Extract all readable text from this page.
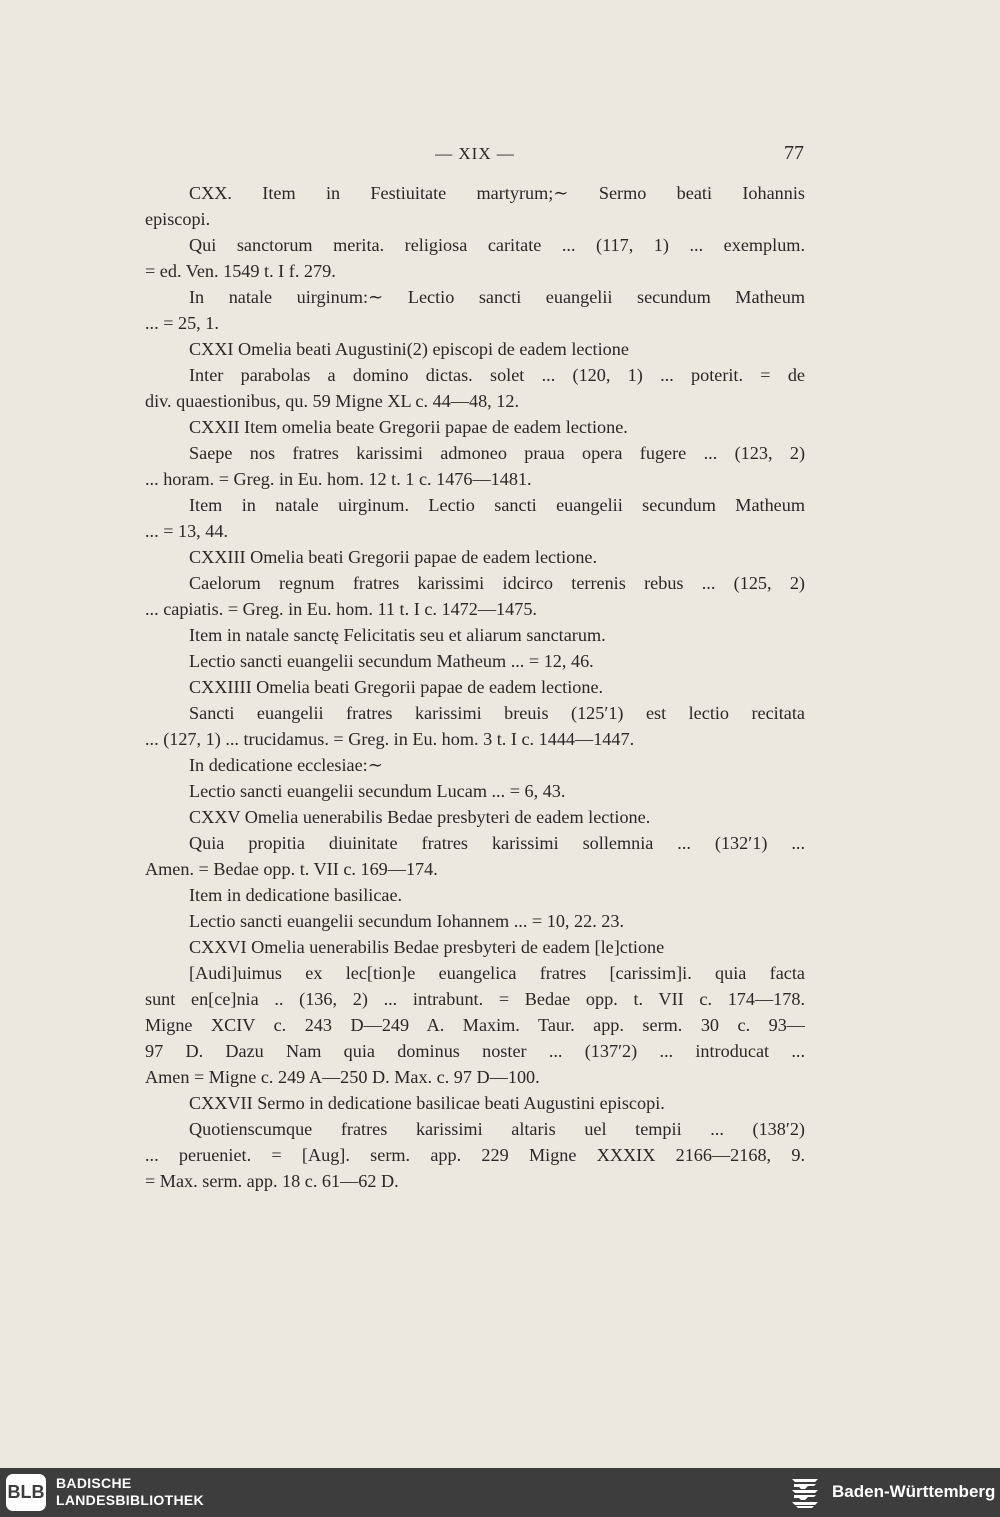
— XIX —	77
CXX. Item in Festiuitate martyrum;∼ Sermo beati Iohannis
episcopi.
Qui sanctorum merita. religiosa caritate ... (117, 1) ... exemplum.
= ed. Ven. 1549 t. I f. 279.
In natale uirginum:∼ Lectio sancti euangelii secundum Matheum
... = 25, 1.
CXXI Omelia beati Augustini(2) episcopi de eadem lectione
Inter parabolas a domino dictas. solet ... (120, 1) ... poterit. = de
div. quaestionibus, qu. 59 Migne XL c. 44—48, 12.
CXXII Item omelia beate Gregorii papae de eadem lectione.
Saepe nos fratres karissimi admoneo praua opera fugere ... (123, 2)
... horam. = Greg. in Eu. hom. 12 t. 1 c. 1476—1481.
Item in natale uirginum. Lectio sancti euangelii secundum Matheum
... = 13, 44.
CXXIII Omelia beati Gregorii papae de eadem lectione.
Caelorum regnum fratres karissimi idcirco terrenis rebus ... (125, 2)
... capiatis. = Greg. in Eu. hom. 11 t. I c. 1472—1475.
Item in natale sanctę Felicitatis seu et aliarum sanctarum.
Lectio sancti euangelii secundum Matheum ... = 12, 46.
CXXIIII Omelia beati Gregorii papae de eadem lectione.
Sancti euangelii fratres karissimi breuis (125′1) est lectio recitata
... (127, 1) ... trucidamus. = Greg. in Eu. hom. 3 t. I c. 1444—1447.
In dedicatione ecclesiae:∼
Lectio sancti euangelii secundum Lucam ... = 6, 43.
CXXV Omelia uenerabilis Bedae presbyteri de eadem lectione.
Quia propitia diuinitate fratres karissimi sollemnia ... (132′1) ...
Amen. = Bedae opp. t. VII c. 169—174.
Item in dedicatione basilicae.
Lectio sancti euangelii secundum Iohannem ... = 10, 22. 23.
CXXVI Omelia uenerabilis Bedae presbyteri de eadem [le]ctione
[Audi]uimus ex lec[tion]e euangelica fratres [carissim]i. quia facta
sunt en[ce]nia .. (136, 2) ... intrabunt. = Bedae opp. t. VII c. 174—178.
Migne XCIV c. 243 D—249 A. Maxim. Taur. app. serm. 30 c. 93—
97 D. Dazu Nam quia dominus noster ... (137′2) ... introducat ...
Amen = Migne c. 249 A—250 D. Max. c. 97 D—100.
CXXVII Sermo in dedicatione basilicae beati Augustini episcopi.
Quotienscumque fratres karissimi altaris uel tempii ... (138′2)
... perueniet. = [Aug]. serm. app. 229 Migne XXXIX 2166—2168, 9.
= Max. serm. app. 18 c. 61—62 D.
BLB BADISCHE
LANDESBIBLIOTHEK	Baden-Württemberg
